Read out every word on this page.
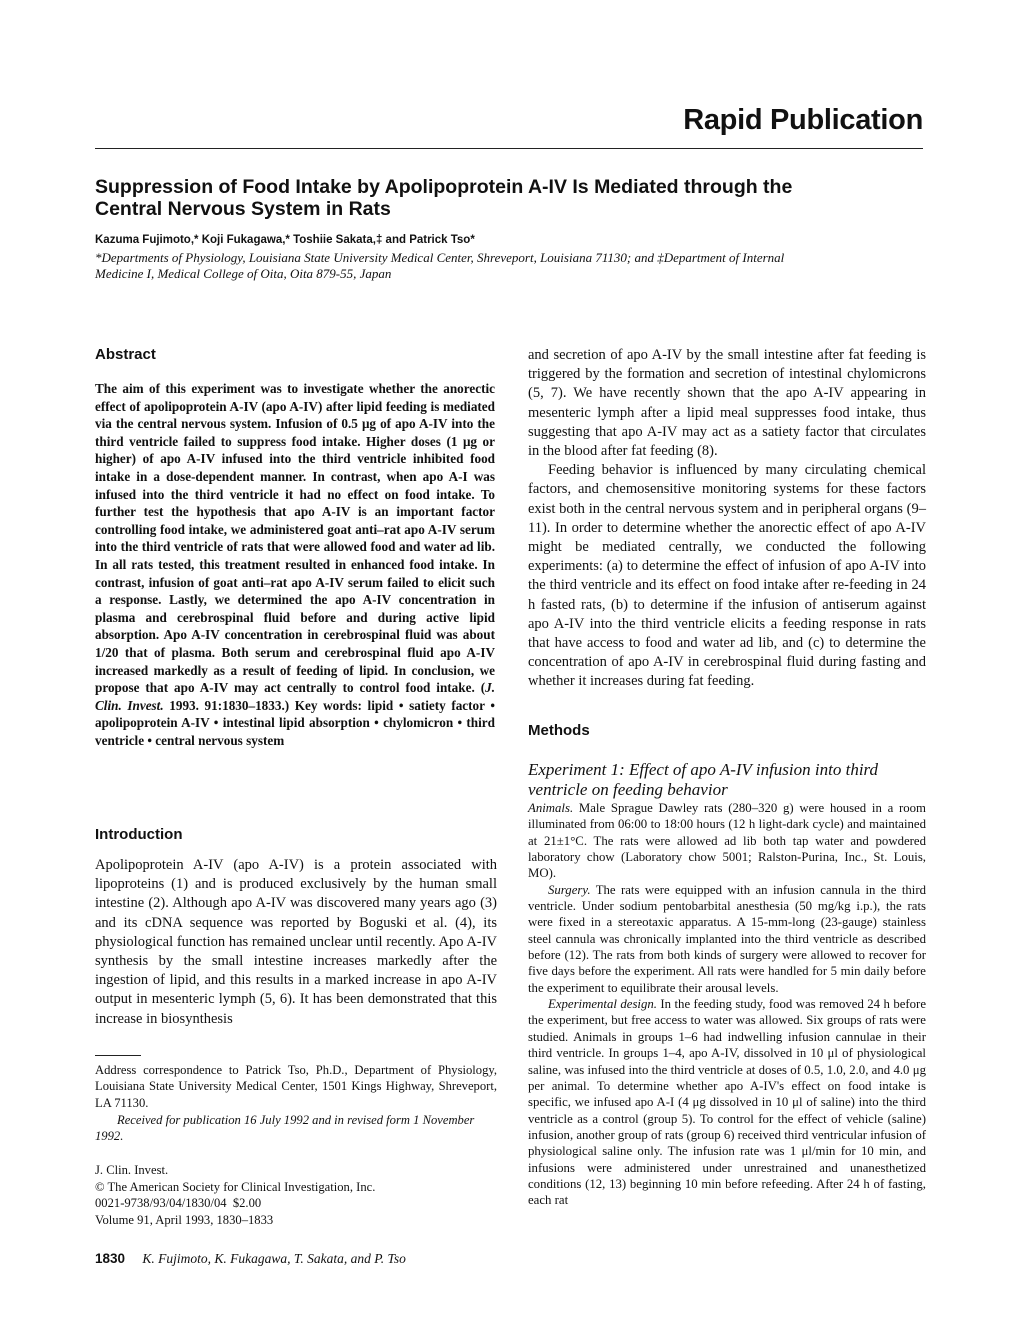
Rapid Publication
Suppression of Food Intake by Apolipoprotein A-IV Is Mediated through the Central Nervous System in Rats
Kazuma Fujimoto,* Koji Fukagawa,* Toshiie Sakata,‡ and Patrick Tso*
*Departments of Physiology, Louisiana State University Medical Center, Shreveport, Louisiana 71130; and ‡Department of Internal Medicine I, Medical College of Oita, Oita 879-55, Japan
Abstract
The aim of this experiment was to investigate whether the anorectic effect of apolipoprotein A-IV (apo A-IV) after lipid feeding is mediated via the central nervous system. Infusion of 0.5 μg of apo A-IV into the third ventricle failed to suppress food intake. Higher doses (1 μg or higher) of apo A-IV infused into the third ventricle inhibited food intake in a dose-dependent manner. In contrast, when apo A-I was infused into the third ventricle it had no effect on food intake. To further test the hypothesis that apo A-IV is an important factor controlling food intake, we administered goat anti–rat apo A-IV serum into the third ventricle of rats that were allowed food and water ad lib. In all rats tested, this treatment resulted in enhanced food intake. In contrast, infusion of goat anti–rat apo A-IV serum failed to elicit such a response. Lastly, we determined the apo A-IV concentration in plasma and cerebrospinal fluid before and during active lipid absorption. Apo A-IV concentration in cerebrospinal fluid was about 1/20 that of plasma. Both serum and cerebrospinal fluid apo A-IV increased markedly as a result of feeding of lipid. In conclusion, we propose that apo A-IV may act centrally to control food intake. (J. Clin. Invest. 1993. 91:1830–1833.) Key words: lipid • satiety factor • apolipoprotein A-IV • intestinal lipid absorption • chylomicron • third ventricle • central nervous system
Introduction
Apolipoprotein A-IV (apo A-IV) is a protein associated with lipoproteins (1) and is produced exclusively by the human small intestine (2). Although apo A-IV was discovered many years ago (3) and its cDNA sequence was reported by Boguski et al. (4), its physiological function has remained unclear until recently. Apo A-IV synthesis by the small intestine increases markedly after the ingestion of lipid, and this results in a marked increase in apo A-IV output in mesenteric lymph (5, 6). It has been demonstrated that this increase in biosynthesis
Address correspondence to Patrick Tso, Ph.D., Department of Physiology, Louisiana State University Medical Center, 1501 Kings Highway, Shreveport, LA 71130.
Received for publication 16 July 1992 and in revised form 1 November 1992.
J. Clin. Invest.
© The American Society for Clinical Investigation, Inc.
0021-9738/93/04/1830/04  $2.00
Volume 91, April 1993, 1830–1833
1830 K. Fujimoto, K. Fukagawa, T. Sakata, and P. Tso

and secretion of apo A-IV by the small intestine after fat feeding is triggered by the formation and secretion of intestinal chylomicrons (5, 7). We have recently shown that the apo A-IV appearing in mesenteric lymph after a lipid meal suppresses food intake, thus suggesting that apo A-IV may act as a satiety factor that circulates in the blood after fat feeding (8).

Feeding behavior is influenced by many circulating chemical factors, and chemosensitive monitoring systems for these factors exist both in the central nervous system and in peripheral organs (9–11). In order to determine whether the anorectic effect of apo A-IV might be mediated centrally, we conducted the following experiments: (a) to determine the effect of infusion of apo A-IV into the third ventricle and its effect on food intake after re-feeding in 24 h fasted rats, (b) to determine if the infusion of antiserum against apo A-IV into the third ventricle elicits a feeding response in rats that have access to food and water ad lib, and (c) to determine the concentration of apo A-IV in cerebrospinal fluid during fasting and whether it increases during fat feeding.

Methods
Experiment 1: Effect of apo A-IV infusion into third ventricle on feeding behavior

Animals. Male Sprague Dawley rats (280–320 g) were housed in a room illuminated from 06:00 to 18:00 hours (12 h light-dark cycle) and maintained at 21±1°C. The rats were allowed ad lib both tap water and powdered laboratory chow (Laboratory chow 5001; Ralston-Purina, Inc., St. Louis, MO).

Surgery. The rats were equipped with an infusion cannula in the third ventricle. Under sodium pentobarbital anesthesia (50 mg/kg i.p.), the rats were fixed in a stereotaxic apparatus. A 15-mm-long (23-gauge) stainless steel cannula was chronically implanted into the third ventricle as described before (12). The rats from both kinds of surgery were allowed to recover for five days before the experiment. All rats were handled for 5 min daily before the experiment to equilibrate their arousal levels.

Experimental design. In the feeding study, food was removed 24 h before the experiment, but free access to water was allowed. Six groups of rats were studied. Animals in groups 1–6 had indwelling infusion cannulae in their third ventricle. In groups 1–4, apo A-IV, dissolved in 10 μl of physiological saline, was infused into the third ventricle at doses of 0.5, 1.0, 2.0, and 4.0 μg per animal. To determine whether apo A-IV's effect on food intake is specific, we infused apo A-I (4 μg dissolved in 10 μl of saline) into the third ventricle as a control (group 5). To control for the effect of vehicle (saline) infusion, another group of rats (group 6) received third ventricular infusion of physiological saline only. The infusion rate was 1 μl/min for 10 min, and infusions were administered under unrestrained and unanesthetized conditions (12, 13) beginning 10 min before refeeding. After 24 h of fasting, each rat
